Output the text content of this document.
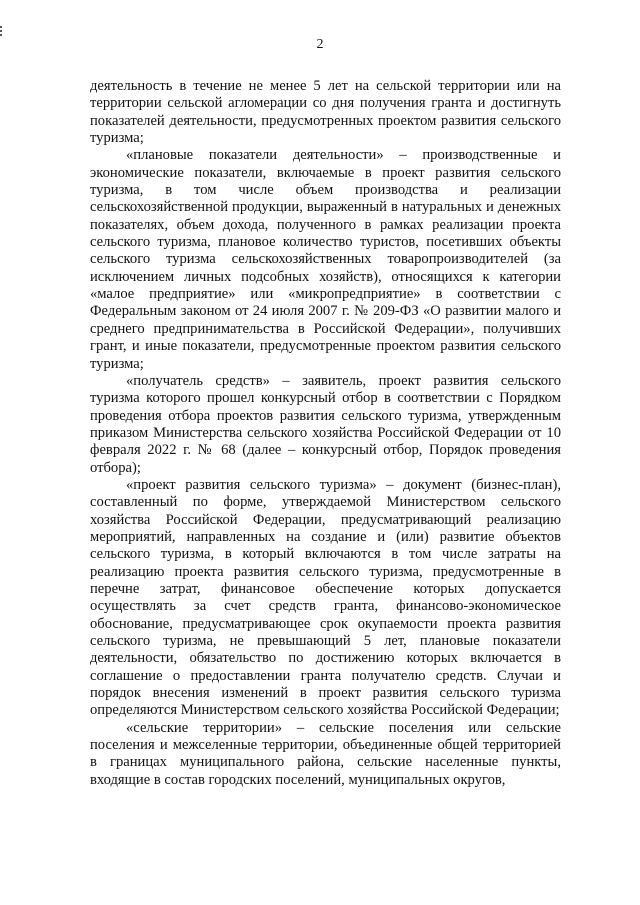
2

деятельность в течение не менее 5 лет на сельской территории или на территории сельской агломерации со дня получения гранта и достигнуть показателей деятельности, предусмотренных проектом развития сельского туризма;

«плановые показатели деятельности» – производственные и экономические показатели, включаемые в проект развития сельского туризма, в том числе объем производства и реализации сельскохозяйственной продукции, выраженный в натуральных и денежных показателях, объем дохода, полученного в рамках реализации проекта сельского туризма, плановое количество туристов, посетивших объекты сельского туризма сельскохозяйственных товаропроизводителей (за исключением личных подсобных хозяйств), относящихся к категории «малое предприятие» или «микропредприятие» в соответствии с Федеральным законом от 24 июля 2007 г. № 209-ФЗ «О развитии малого и среднего предпринимательства в Российской Федерации», получивших грант, и иные показатели, предусмотренные проектом развития сельского туризма;

«получатель средств» – заявитель, проект развития сельского туризма которого прошел конкурсный отбор в соответствии с Порядком проведения отбора проектов развития сельского туризма, утвержденным приказом Министерства сельского хозяйства Российской Федерации от 10 февраля 2022 г. № 68 (далее – конкурсный отбор, Порядок проведения отбора);

«проект развития сельского туризма» – документ (бизнес-план), составленный по форме, утверждаемой Министерством сельского хозяйства Российской Федерации, предусматривающий реализацию мероприятий, направленных на создание и (или) развитие объектов сельского туризма, в который включаются в том числе затраты на реализацию проекта развития сельского туризма, предусмотренные в перечне затрат, финансовое обеспечение которых допускается осуществлять за счет средств гранта, финансово-экономическое обоснование, предусматривающее срок окупаемости проекта развития сельского туризма, не превышающий 5 лет, плановые показатели деятельности, обязательство по достижению которых включается в соглашение о предоставлении гранта получателю средств. Случаи и порядок внесения изменений в проект развития сельского туризма определяются Министерством сельского хозяйства Российской Федерации;

«сельские территории» – сельские поселения или сельские поселения и межселенные территории, объединенные общей территорией в границах муниципального района, сельские населенные пункты, входящие в состав городских поселений, муниципальных округов,
